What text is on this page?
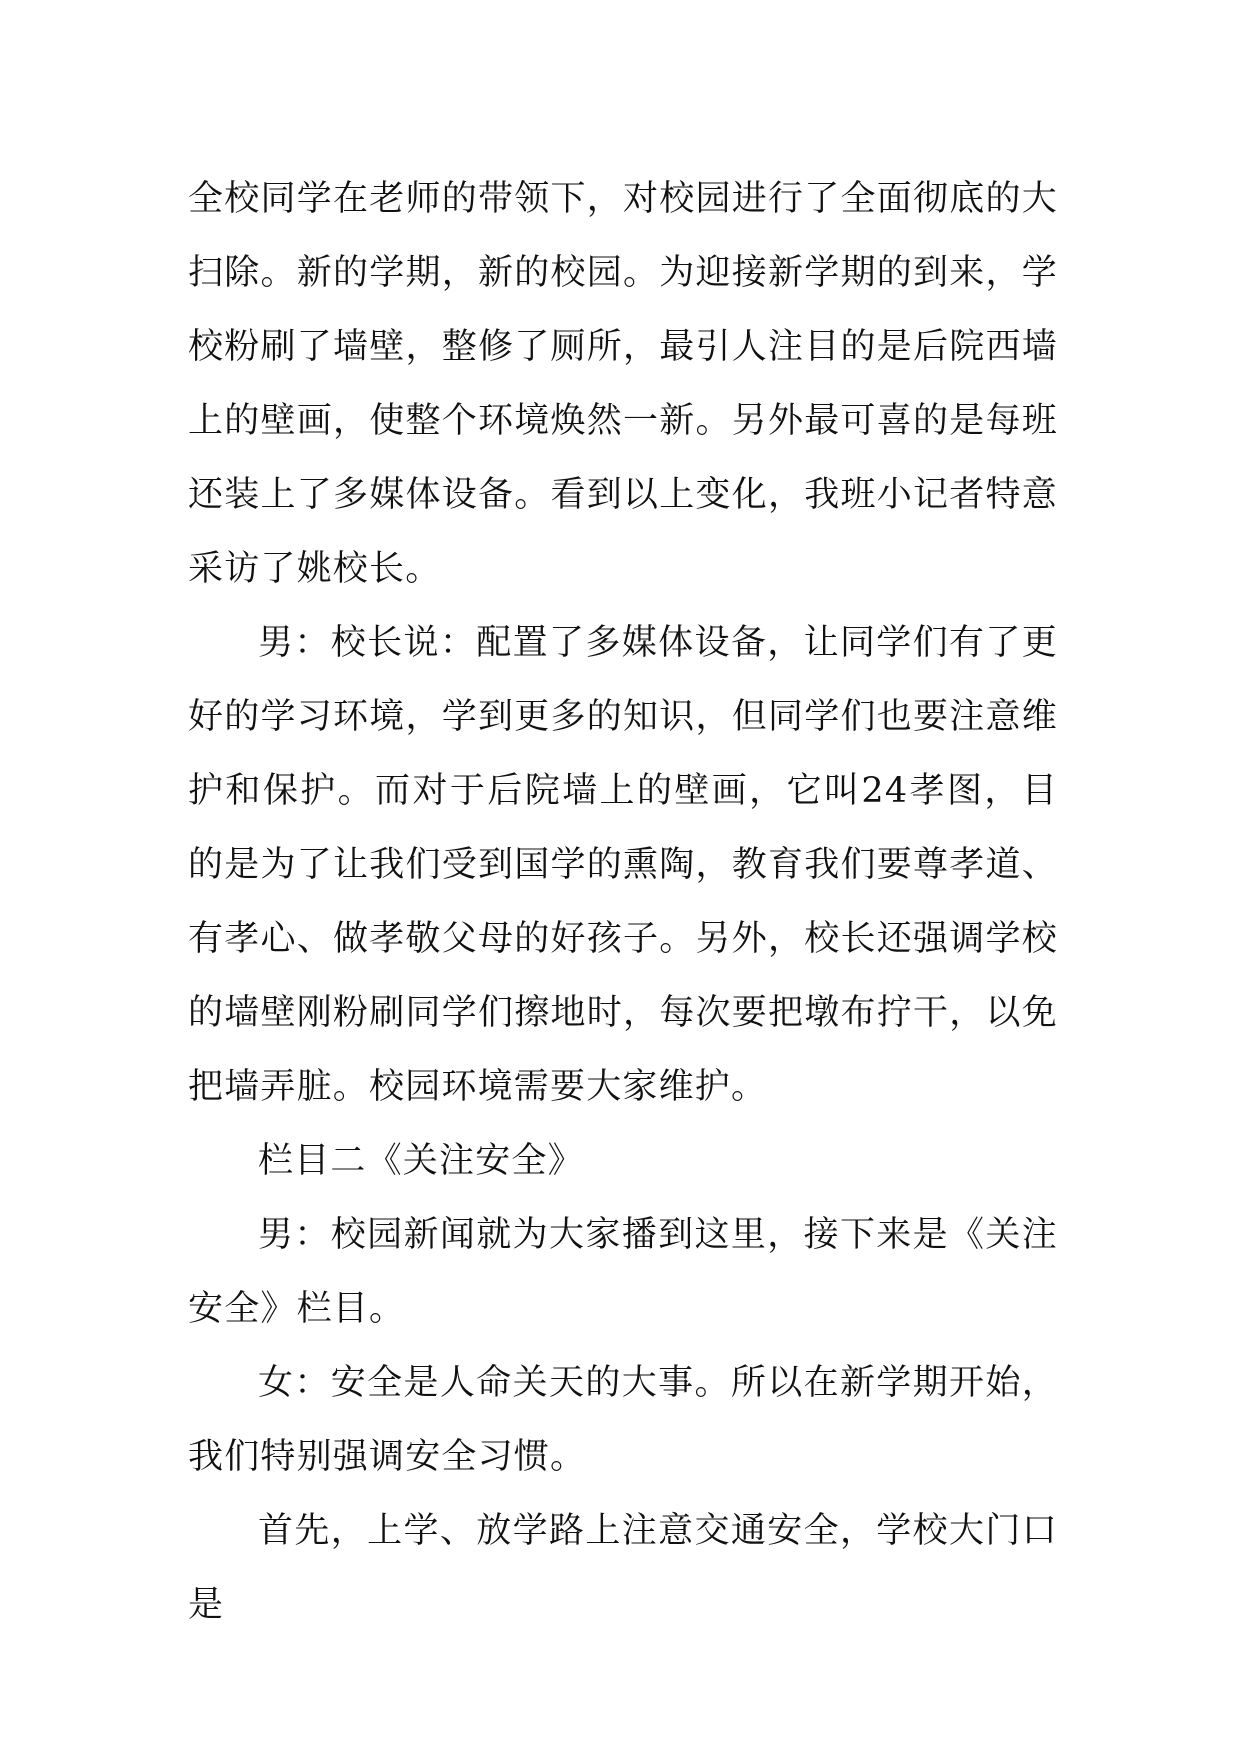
全校同学在老师的带领下，对校园进行了全面彻底的大扫除。新的学期，新的校园。为迎接新学期的到来，学校粉刷了墙壁，整修了厕所，最引人注目的是后院西墙上的壁画，使整个环境焕然一新。另外最可喜的是每班还装上了多媒体设备。看到以上变化，我班小记者特意采访了姚校长。

男：校长说：配置了多媒体设备，让同学们有了更好的学习环境，学到更多的知识，但同学们也要注意维护和保护。而对于后院墙上的壁画，它叫24孝图，目的是为了让我们受到国学的熏陶，教育我们要尊孝道、有孝心、做孝敬父母的好孩子。另外，校长还强调学校的墙壁刚粉刷同学们擦地时，每次要把墩布拧干，以免把墙弄脏。校园环境需要大家维护。

栏目二《关注安全》

男：校园新闻就为大家播到这里，接下来是《关注安全》栏目。

女：安全是人命关天的大事。所以在新学期开始，我们特别强调安全习惯。

首先，上学、放学路上注意交通安全，学校大门口是
